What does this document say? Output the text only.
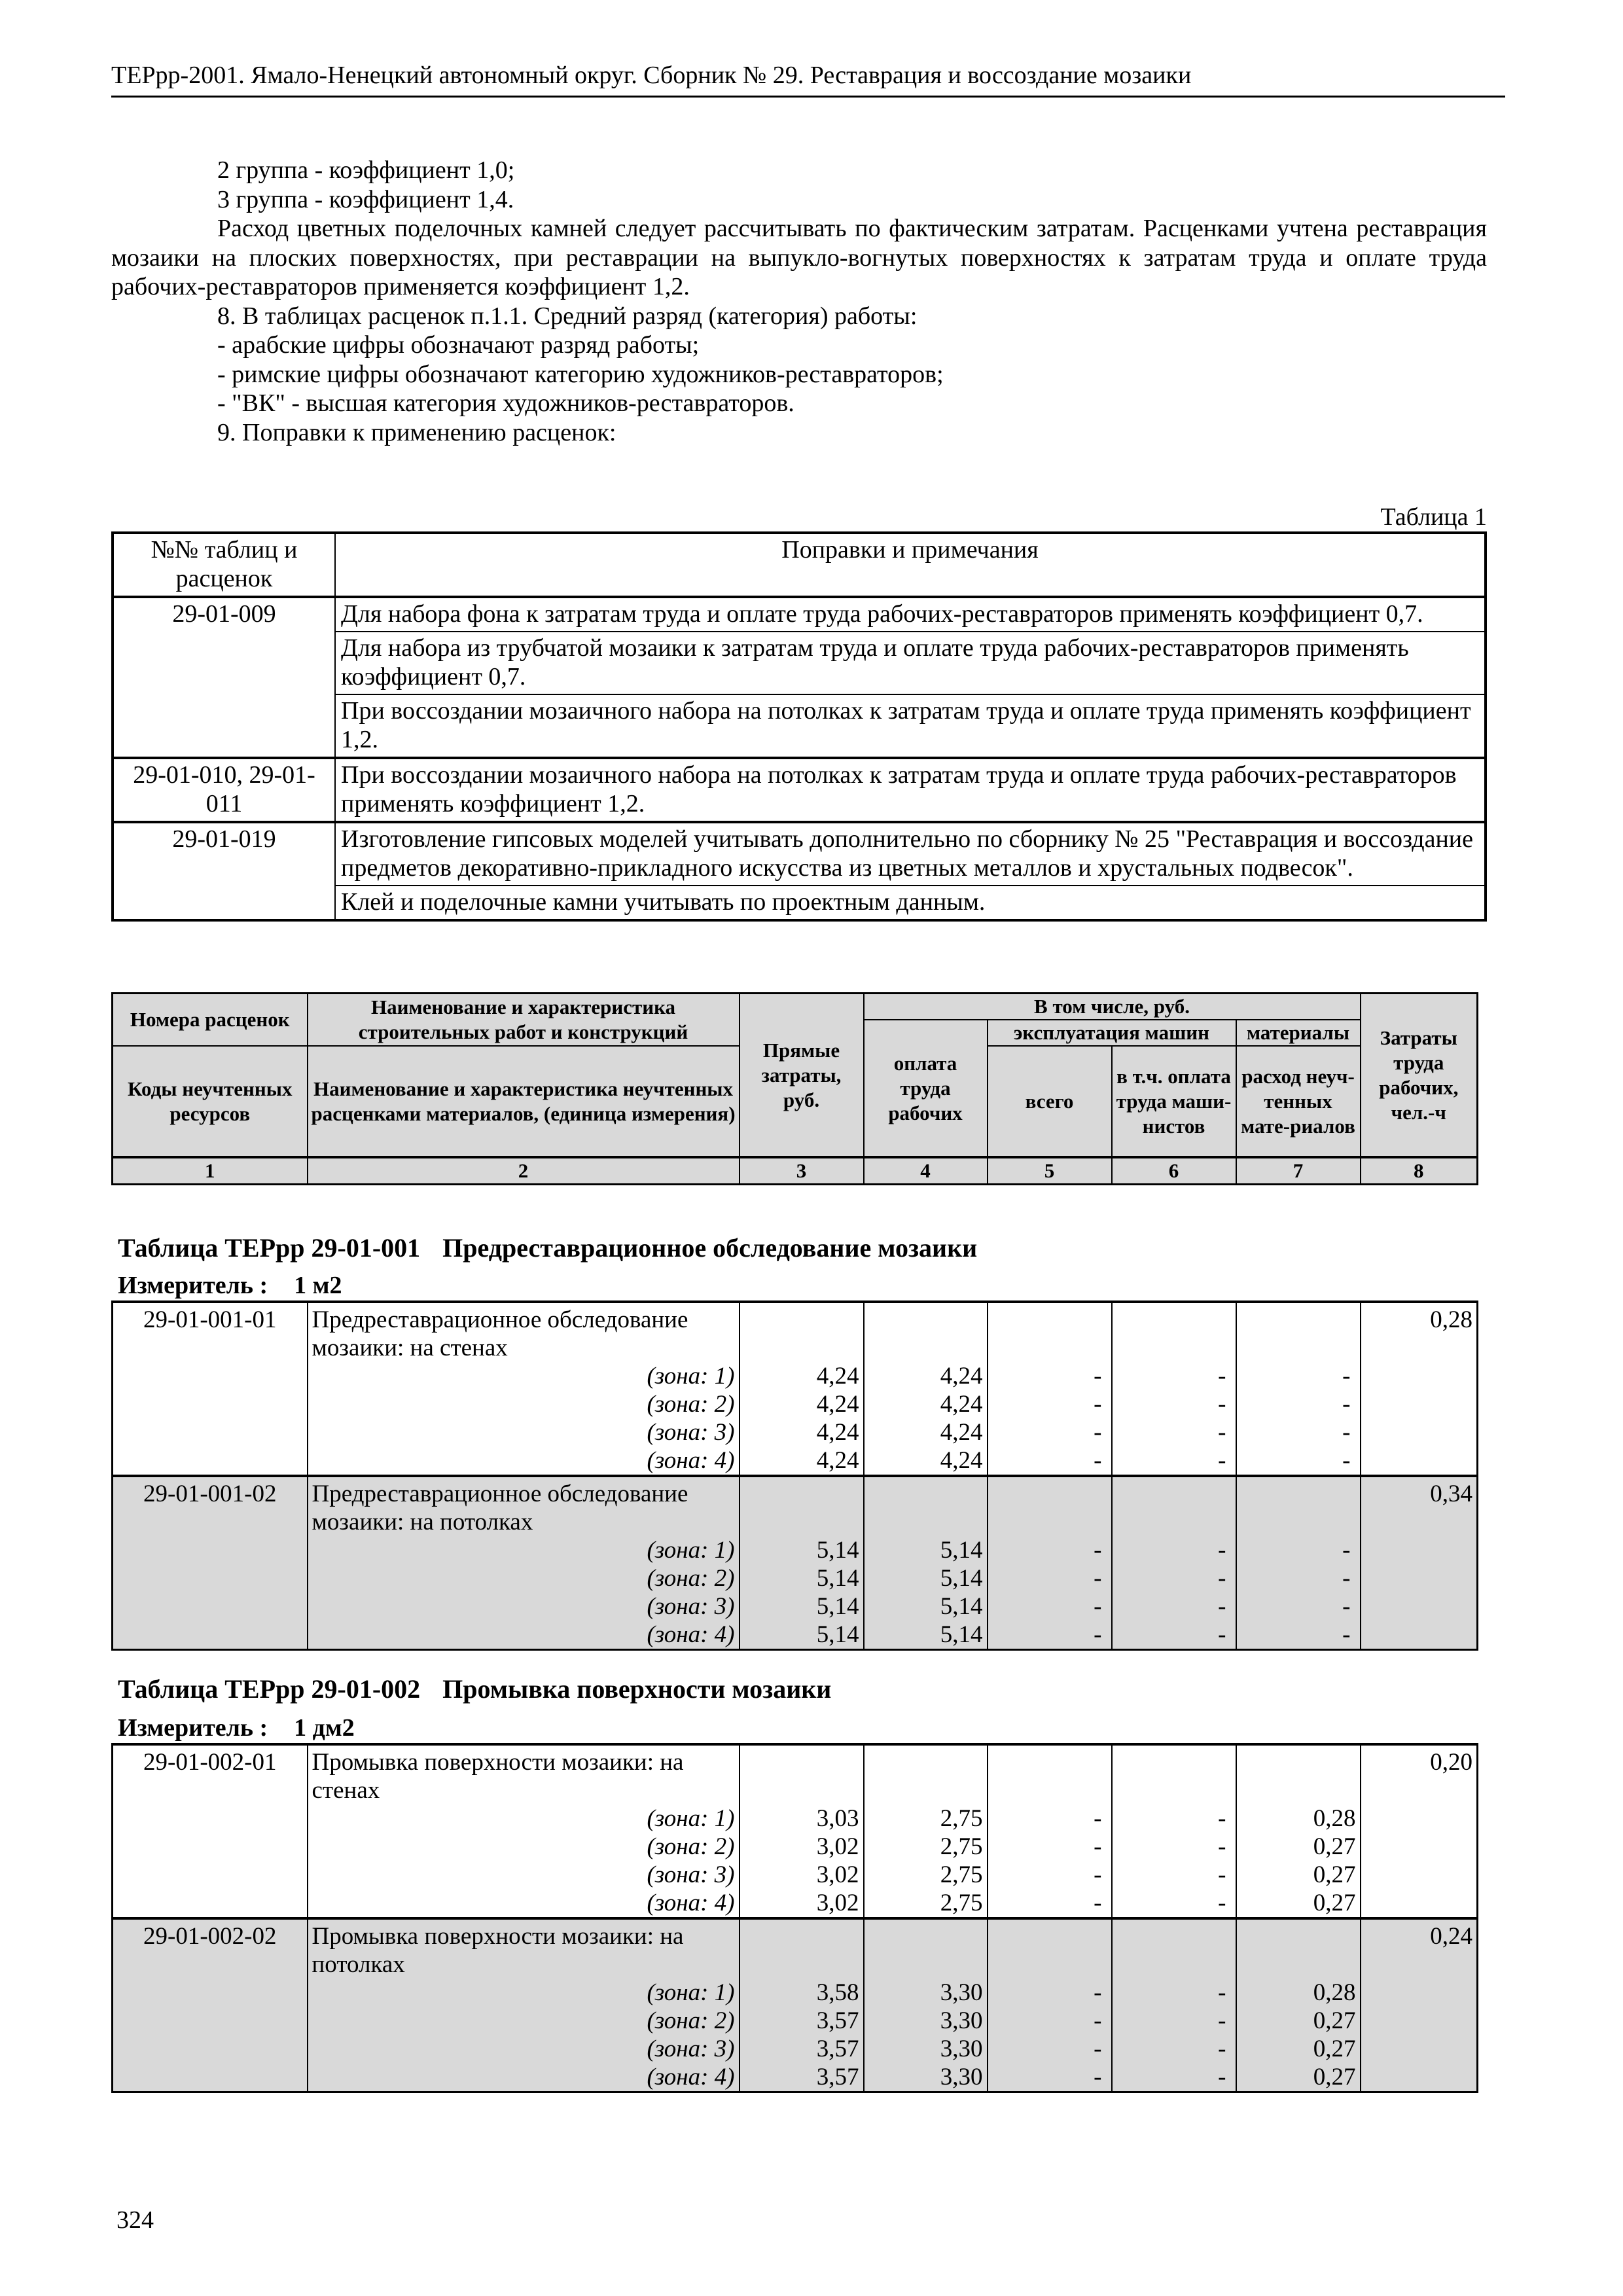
ТЕРрр-2001. Ямало-Ненецкий автономный округ. Сборник № 29. Реставрация и воссоздание мозаики

2 группа - коэффициент 1,0;

3 группа - коэффициент 1,4.

Расход цветных поделочных камней следует рассчитывать по фактическим затратам. Расценками учтена реставрация мозаики на плоских поверхностях, при реставрации на выпукло-вогнутых поверхностях к затратам труда и оплате труда рабочих-реставраторов применяется коэффициент 1,2.

8. В таблицах расценок п.1.1. Средний разряд (категория) работы:

- арабские цифры обозначают разряд работы;

- римские цифры обозначают категорию художников-реставраторов;

- "ВК" - высшая категория художников-реставраторов.

9. Поправки к применению расценок:

Таблица 1
№№ таблиц и расценок	Поправки и примечания
29-01-009	Для набора фона к затратам труда и оплате труда рабочих-реставраторов применять коэффициент 0,7.
	Для набора из трубчатой мозаики к затратам труда и оплате труда рабочих-реставраторов применять коэффициент 0,7.
	При воссоздании мозаичного набора на потолках к затратам труда и оплате труда применять коэффициент 1,2.
29-01-010, 29-01-011	При воссоздании мозаичного набора на потолках к затратам труда и оплате труда рабочих-реставраторов применять коэффициент 1,2.
29-01-019	Изготовление гипсовых моделей учитывать дополнительно по сборнику № 25 "Реставрация и воссоздание предметов декоративно-прикладного искусства из цветных металлов и хрустальных подвесок".
	Клей и поделочные камни учитывать по проектным данным.
Номера расценок	Наименование и характеристика строительных работ и конструкций	Прямые затраты, руб.	В том числе, руб.				Затраты труда рабочих, чел.-ч
			оплата труда рабочих	эксплуатация машин		материалы	
Коды неучтенных ресурсов	Наименование и характеристика неучтенных расценками материалов, (единица измерения)			всего	в т.ч. оплата труда маши-нистов	расход неуч-тенных мате-риалов	

1	2	3	4	5	6	7	8
Таблица ТЕРрр 29-01-001 Предреставрационное обследование мозаики
Измеритель : 1 м2
29-01-001-01	Предреставрационное обследование мозаики: на стенах						0,28
	(зона: 1)	4,24	4,24	-	-	-	
	(зона: 2)	4,24	4,24	-	-	-	
	(зона: 3)	4,24	4,24	-	-	-	
	(зона: 4)	4,24	4,24	-	-	-	
29-01-001-02	Предреставрационное обследование мозаики: на потолках						0,34
	(зона: 1)	5,14	5,14	-	-	-	
	(зона: 2)	5,14	5,14	-	-	-	
	(зона: 3)	5,14	5,14	-	-	-	
	(зона: 4)	5,14	5,14	-	-	-	
Таблица ТЕРрр 29-01-002 Промывка поверхности мозаики
Измеритель : 1 дм2
29-01-002-01	Промывка поверхности мозаики: на стенах						0,20
	(зона: 1)	3,03	2,75	-	-	0,28	
	(зона: 2)	3,02	2,75	-	-	0,27	
	(зона: 3)	3,02	2,75	-	-	0,27	
	(зона: 4)	3,02	2,75	-	-	0,27	
29-01-002-02	Промывка поверхности мозаики: на потолках						0,24
	(зона: 1)	3,58	3,30	-	-	0,28	
	(зона: 2)	3,57	3,30	-	-	0,27	
	(зона: 3)	3,57	3,30	-	-	0,27	
	(зона: 4)	3,57	3,30	-	-	0,27	
324
